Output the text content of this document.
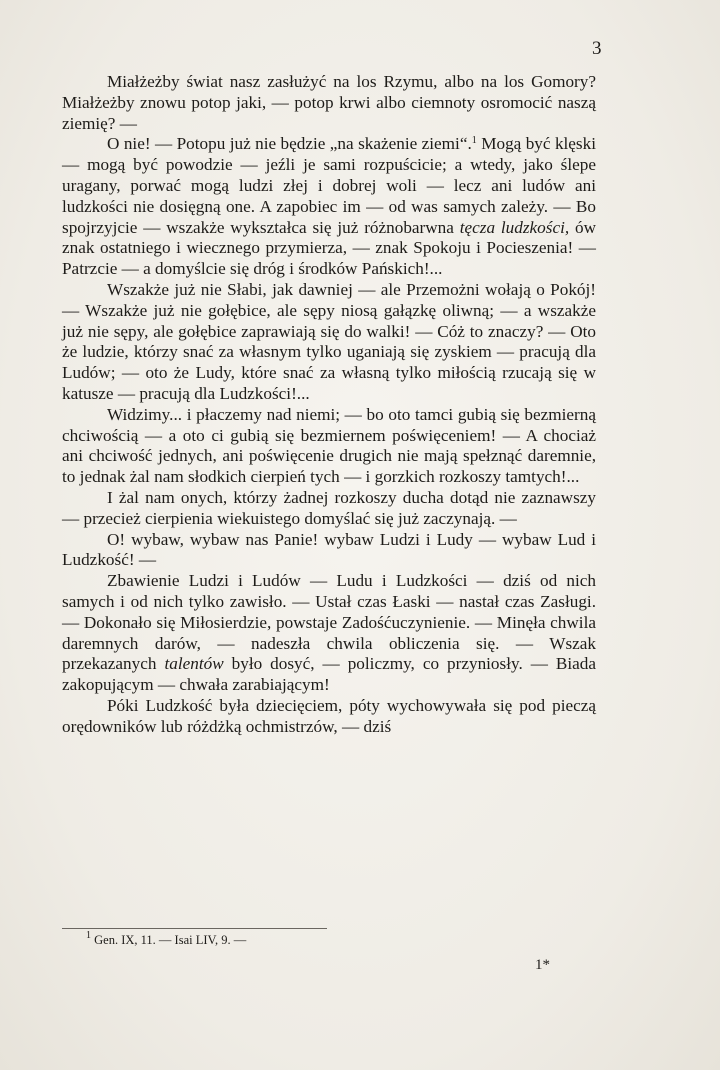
3

Miałżeżby świat nasz zasłużyć na los Rzymu, albo na los Gomory? Miałżeżby znowu potop jaki, — potop krwi albo ciemnoty osromocić naszą ziemię? —

O nie! — Potopu już nie będzie „na skażenie ziemi“.$^1$ Mogą być klęski — mogą być powodzie — jeźli je sami rozpuścicie; a wtedy, jako ślepe uragany, porwać mogą ludzi złej i dobrej woli — lecz ani ludów ani ludzkości nie dosięgną one. A zapobiec im — od was samych zależy. — Bo spojrzyjcie — wszakże wykształca się już różnobarwna tęcza ludzkości, ów znak ostatniego i wiecznego przymierza, — znak Spokoju i Pocieszenia! — Patrzcie — a domyślcie się dróg i środków Pańskich!...

Wszakże już nie Słabi, jak dawniej — ale Przemożni wołają o Pokój! — Wszakże już nie gołębice, ale sępy niosą gałązkę oliwną; — a wszakże już nie sępy, ale gołębice zaprawiają się do walki! — Cóż to znaczy? — Oto że ludzie, którzy snać za własnym tylko uganiają się zyskiem — pracują dla Ludów; — oto że Ludy, które snać za własną tylko miłością rzucają się w katusze — pracują dla Ludzkości!...

Widzimy... i płaczemy nad niemi; — bo oto tamci gubią się bezmierną chciwością — a oto ci gubią się bezmiernem poświęceniem! — A chociaż ani chciwość jednych, ani poświęcenie drugich nie mają spełznąć daremnie, to jednak żal nam słodkich cierpień tych — i gorzkich rozkoszy tamtych!...

I żal nam onych, którzy żadnej rozkoszy ducha dotąd nie zaznawszy — przecież cierpienia wiekuistego domyślać się już zaczynają. —

O! wybaw, wybaw nas Panie! wybaw Ludzi i Ludy — wybaw Lud i Ludzkość! —

Zbawienie Ludzi i Ludów — Ludu i Ludzkości — dziś od nich samych i od nich tylko zawisło. — Ustał czas Łaski — nastał czas Zasługi. — Dokonało się Miłosierdzie, powstaje Zadośćuczynienie. — Minęła chwila daremnych darów, — nadeszła chwila obliczenia się. — Wszak przekazanych talentów było dosyć, — policzmy, co przyniosły. — Biada zakopującym — chwała zarabiającym!

Póki Ludzkość była dziecięciem, póty wychowywała się pod pieczą orędowników lub różdżką ochmistrzów, — dziś

$^1$ Gen. IX, 11. — Isai LIV, 9. —
1*
